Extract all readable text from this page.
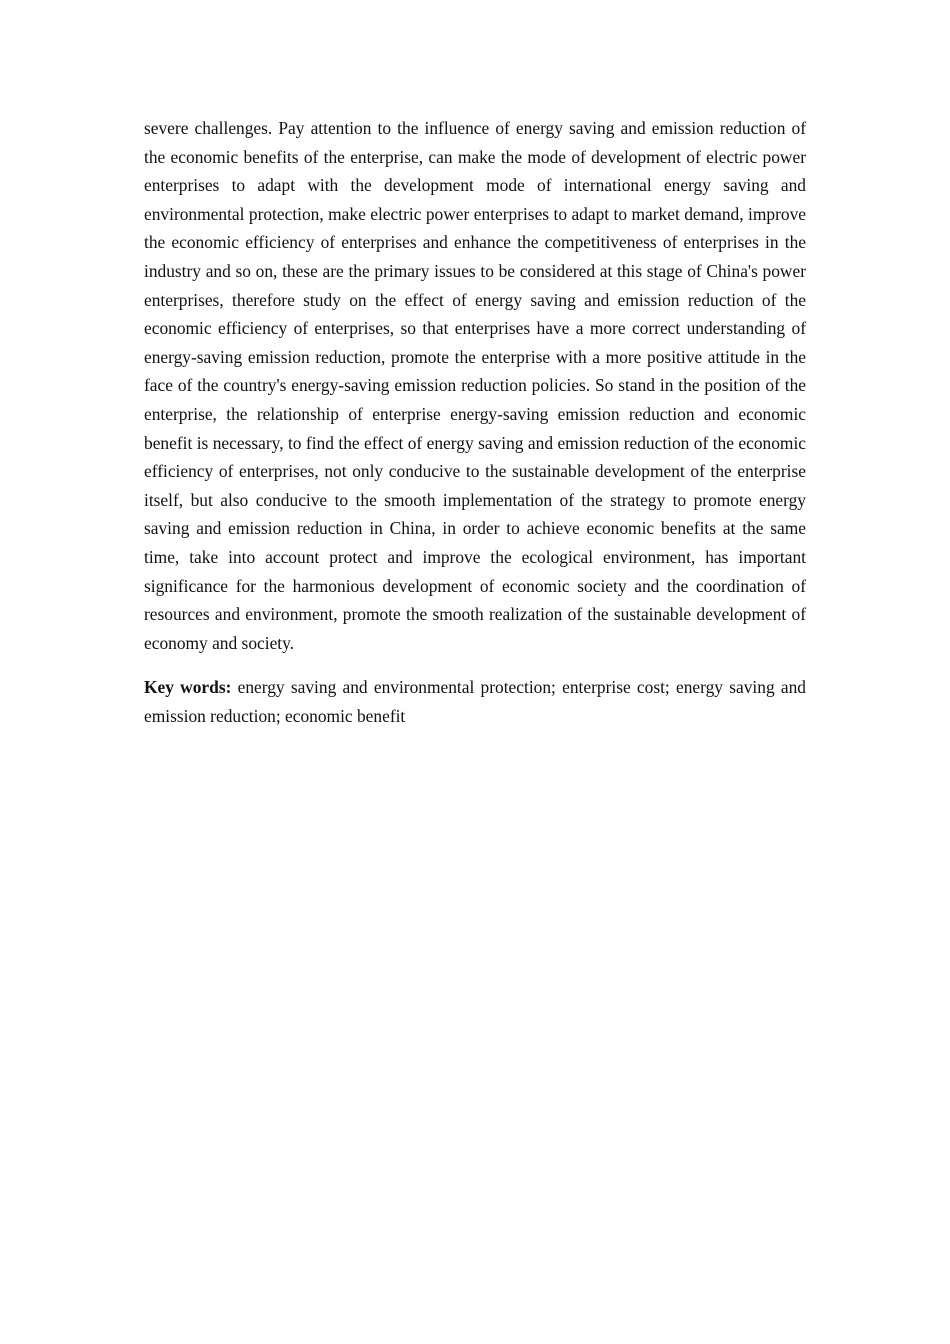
severe challenges. Pay attention to the influence of energy saving and emission reduction of the economic benefits of the enterprise, can make the mode of development of electric power enterprises to adapt with the development mode of international energy saving and environmental protection, make electric power enterprises to adapt to market demand, improve the economic efficiency of enterprises and enhance the competitiveness of enterprises in the industry and so on, these are the primary issues to be considered at this stage of China's power enterprises, therefore study on the effect of energy saving and emission reduction of the economic efficiency of enterprises, so that enterprises have a more correct understanding of energy-saving emission reduction, promote the enterprise with a more positive attitude in the face of the country's energy-saving emission reduction policies. So stand in the position of the enterprise, the relationship of enterprise energy-saving emission reduction and economic benefit is necessary, to find the effect of energy saving and emission reduction of the economic efficiency of enterprises, not only conducive to the sustainable development of the enterprise itself, but also conducive to the smooth implementation of the strategy to promote energy saving and emission reduction in China, in order to achieve economic benefits at the same time, take into account protect and improve the ecological environment, has important significance for the harmonious development of economic society and the coordination of resources and environment, promote the smooth realization of the sustainable development of economy and society.

Key words: energy saving and environmental protection; enterprise cost; energy saving and emission reduction; economic benefit
